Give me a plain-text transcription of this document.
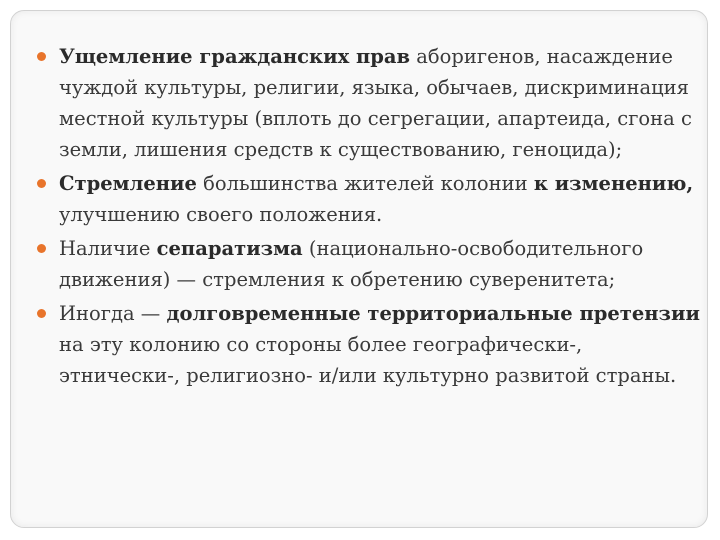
Ущемление гражданских прав аборигенов, насаждение чуждой культуры, религии, языка, обычаев, дискриминация местной культуры (вплоть до сегрегации, апартеида, сгона с земли, лишения средств к существованию, геноцида);
Стремление большинства жителей колонии к изменению, улучшению своего положения.
Наличие сепаратизма (национально-освободительного движения) — стремления к обретению суверенитета;
Иногда — долговременные территориальные претензии на эту колонию со стороны более географически-, этнически-, религиозно- и/или культурно развитой страны.
